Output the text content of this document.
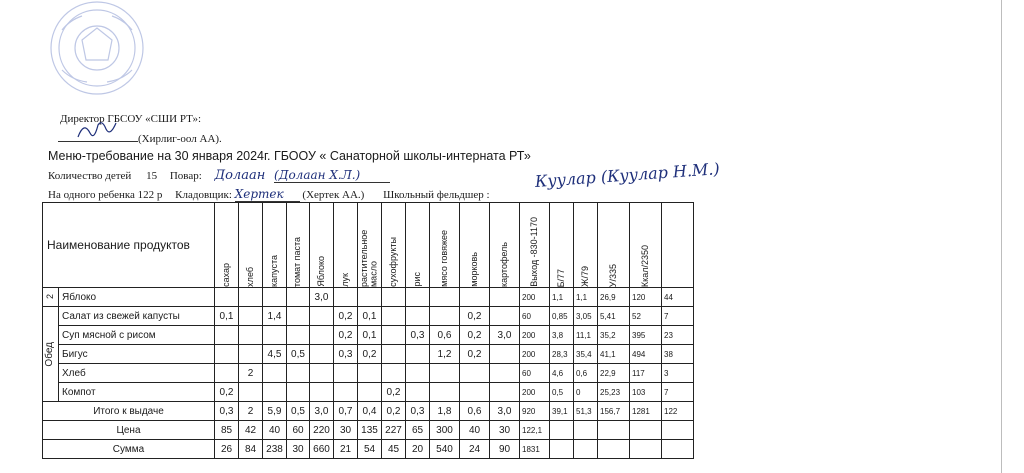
Директор ГБСОУ «СШИ РТ»:
(Хирлиг-оол АА).
Меню-требование на 30 января 2024г. ГБООУ « Санаторной школы-интерната РТ»
Количество детей 15 Повар: Долаан (Долаан Х.Л.)
На одного ребенка 122 р Кладовщик: Хертек (Хертек АА.) Школьный фельдшер :
Куулар (Куулар Н.М.)
Наименование продуктов		сахар	хлеб	капуста	томат паста	Яблоко	лук	растительное масло	сухофрукты	рис	мясо говяжее	морковь	картофель	Выход -830-1170	Б/77	Ж/79	У/335	Ккал/2350	

2	Яблоко					3,0								200	1,1	1,1	26,9	120	44

Обед	Салат из свежей капусты	0,1		1,4			0,2	0,1				0,2		60	0,85	3,05	5,41	52	7
	Суп мясной с рисом						0,2	0,1		0,3	0,6	0,2	3,0	200	3,8	11,1	35,2	395	23
	Бигус			4,5	0,5		0,3	0,2			1,2	0,2		200	28,3	35,4	41,1	494	38
	Хлеб		2											60	4,6	0,6	22,9	117	3
	Компот	0,2							0,2					200	0,5	0	25,23	103	7
Итого к выдаче		0,3	2	5,9	0,5	3,0	0,7	0,4	0,2	0,3	1,8	0,6	3,0	920	39,1	51,3	156,7	1281	122
Цена		85	42	40	60	220	30	135	227	65	300	40	30	122,1					
Сумма		26	84	238	30	660	21	54	45	20	540	24	90	1831					
